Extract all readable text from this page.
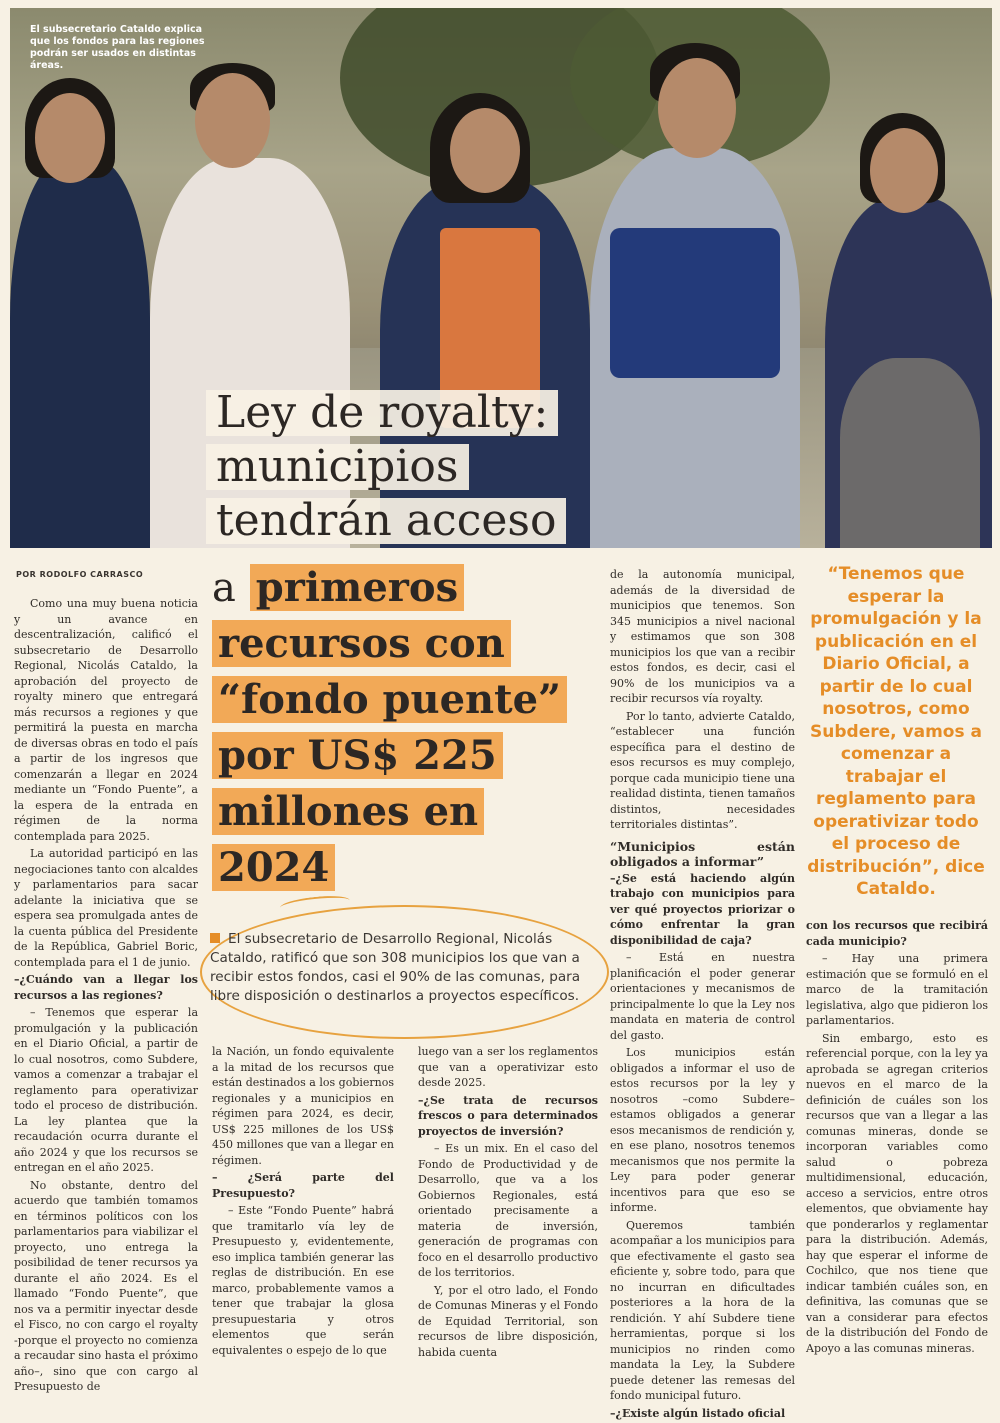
El subsecretario Cataldo explica que los fondos para las regiones podrán ser usados en distintas áreas.
Ley de royalty:
municipios
tendrán acceso
a primeros
recursos con
“fondo puente”
por US$ 225
millones en
2024
POR RODOLFO CARRASCO

Como una muy buena noticia y un avance en descentralización, calificó el subsecretario de Desarrollo Regional, Nicolás Cataldo, la aprobación del proyecto de royalty minero que entregará más recursos a regiones y que permitirá la puesta en marcha de diversas obras en todo el país a partir de los ingresos que comenzarán a llegar en 2024 mediante un “Fondo Puente”, a la espera de la entrada en régimen de la norma contemplada para 2025.

La autoridad participó en las negociaciones tanto con alcaldes y parlamentarios para sacar adelante la iniciativa que se espera sea promulgada antes de la cuenta pública del Presidente de la República, Gabriel Boric, contemplada para el 1 de junio.

–¿Cuándo van a llegar los recursos a las regiones?

– Tenemos que esperar la promulgación y la publicación en el Diario Oficial, a partir de lo cual nosotros, como Subdere, vamos a comenzar a trabajar el reglamento para operativizar todo el proceso de distribución. La ley plantea que la recaudación ocurra durante el año 2024 y que los recursos se entregan en el año 2025.

No obstante, dentro del acuerdo que también tomamos en términos políticos con los parlamentarios para viabilizar el proyecto, uno entrega la posibilidad de tener recursos ya durante el año 2024. Es el llamado “Fondo Puente”, que nos va a permitir inyectar desde el Fisco, no con cargo el royalty -porque el proyecto no comienza a recaudar sino hasta el próximo año–, sino que con cargo al Presupuesto de

la Nación, un fondo equivalente a la mitad de los recursos que están destinados a los gobiernos regionales y a municipios en régimen para 2024, es decir, US$ 225 millones de los US$ 450 millones que van a llegar en régimen.

– ¿Será parte del Presupuesto?

– Este “Fondo Puente” habrá que tramitarlo vía ley de Presupuesto y, evidentemente, eso implica también generar las reglas de distribución. En ese marco, probablemente vamos a tener que trabajar la glosa presupuestaria y otros elementos que serán equivalentes o espejo de lo que

luego van a ser los reglamentos que van a operativizar esto desde 2025.

–¿Se trata de recursos frescos o para determinados proyectos de inversión?

– Es un mix. En el caso del Fondo de Productividad y de Desarrollo, que va a los Gobiernos Regionales, está orientado precisamente a materia de inversión, generación de programas con foco en el desarrollo productivo de los territorios.

Y, por el otro lado, el Fondo de Comunas Mineras y el Fondo de Equidad Territorial, son recursos de libre disposición, habida cuenta

de la autonomía municipal, además de la diversidad de municipios que tenemos. Son 345 municipios a nivel nacional y estimamos que son 308 municipios los que van a recibir estos fondos, es decir, casi el 90% de los municipios va a recibir recursos vía royalty.

Por lo tanto, advierte Cataldo, “establecer una función específica para el destino de esos recursos es muy complejo, porque cada municipio tiene una realidad distinta, tienen tamaños distintos, necesidades territoriales distintas”.

“Municipios están obligados a informar”

–¿Se está haciendo algún trabajo con municipios para ver qué proyectos priorizar o cómo enfrentar la gran disponibilidad de caja?

– Está en nuestra planificación el poder generar orientaciones y mecanismos de principalmente lo que la Ley nos mandata en materia de control del gasto.

Los municipios están obligados a informar el uso de estos recursos por la ley y nosotros –como Subdere– estamos obligados a generar esos mecanismos de rendición y, en ese plano, nosotros tenemos mecanismos que nos permite la Ley para poder generar incentivos para que eso se informe.

Queremos también acompañar a los municipios para que efectivamente el gasto sea eficiente y, sobre todo, para que no incurran en dificultades posteriores a la hora de la rendición. Y ahí Subdere tiene herramientas, porque si los municipios no rinden como mandata la Ley, la Subdere puede detener las remesas del fondo municipal futuro.

–¿Existe algún listado oficial

con los recursos que recibirá cada municipio?

– Hay una primera estimación que se formuló en el marco de la tramitación legislativa, algo que pidieron los parlamentarios.

Sin embargo, esto es referencial porque, con la ley ya aprobada se agregan criterios nuevos en el marco de la definición de cuáles son los recursos que van a llegar a las comunas mineras, donde se incorporan variables como salud o pobreza multidimensional, educación, acceso a servicios, entre otros elementos, que obviamente hay que ponderarlos y reglamentar para la distribución. Además, hay que esperar el informe de Cochilco, que nos tiene que indicar también cuáles son, en definitiva, las comunas que se van a considerar para efectos de la distribución del Fondo de Apoyo a las comunas mineras.

“Tenemos que esperar la promulgación y la publicación en el Diario Oficial, a partir de lo cual nosotros, como Subdere, vamos a comenzar a trabajar el reglamento para operativizar todo el proceso de distribución”, dice Cataldo.
El subsecretario de Desarrollo Regional, Nicolás Cataldo, ratificó que son 308 municipios los que van a recibir estos fondos, casi el 90% de las comunas, para libre disposición o destinarlos a proyectos específicos.
